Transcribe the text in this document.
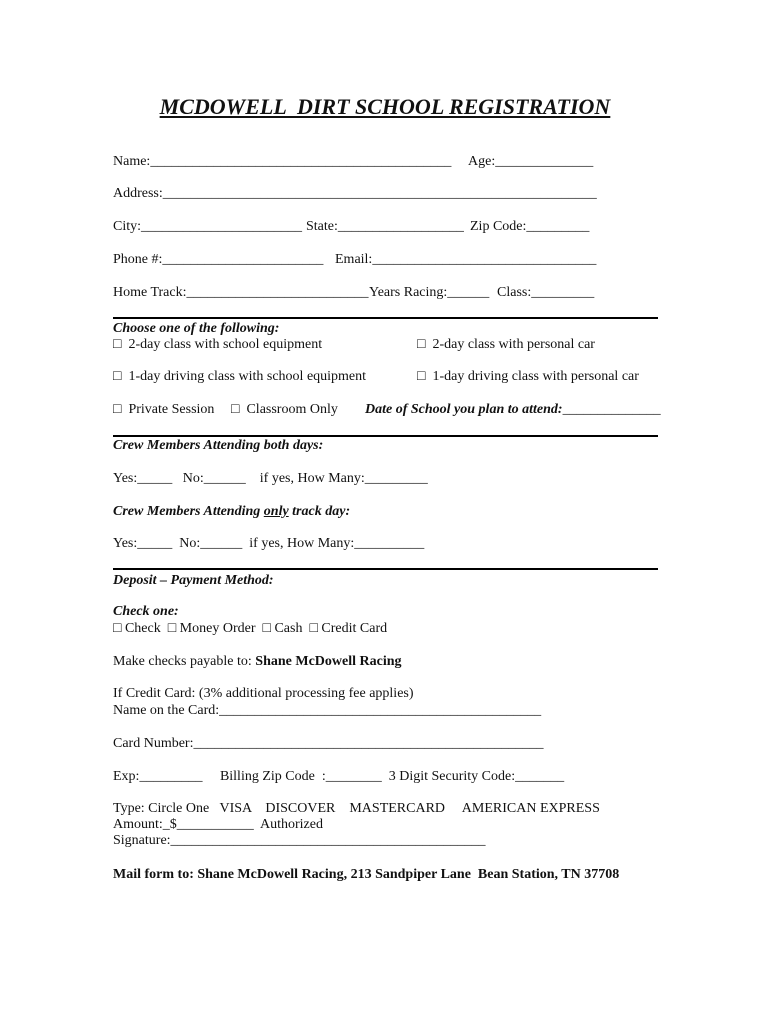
MCDOWELL  DIRT SCHOOL REGISTRATION
Name:___________________________________________ Age:______________
Address:______________________________________________________________
City:_______________________ State:__________________ Zip Code:_________
Phone #:_______________________ Email:________________________________
Home Track:__________________________ Years Racing:______ Class:_________
Choose one of the following:
□ 2-day class with school equipment	□ 2-day class with personal car
□ 1-day driving class with school equipment	□ 1-day driving class with personal car
□ Private Session □ Classroom Only Date of School you plan to attend:______________
Crew Members Attending both days:
Yes:_____   No:______    if yes, How Many:_________
Crew Members Attending only track day:
Yes:_____  No:______  if yes, How Many:__________
Deposit – Payment Method:
Check one:
□ Check  □ Money Order  □ Cash  □ Credit Card
Make checks payable to: Shane McDowell Racing
If Credit Card: (3% additional processing fee applies)
Name on the Card:______________________________________________
Card Number:__________________________________________________
Exp:_________     Billing Zip Code  :________  3 Digit Security Code:_______
Type: Circle One   VISA    DISCOVER    MASTERCARD     AMERICAN EXPRESS
Amount:_$___________  Authorized
Signature:_____________________________________________
Mail form to: Shane McDowell Racing, 213 Sandpiper Lane  Bean Station, TN 37708
